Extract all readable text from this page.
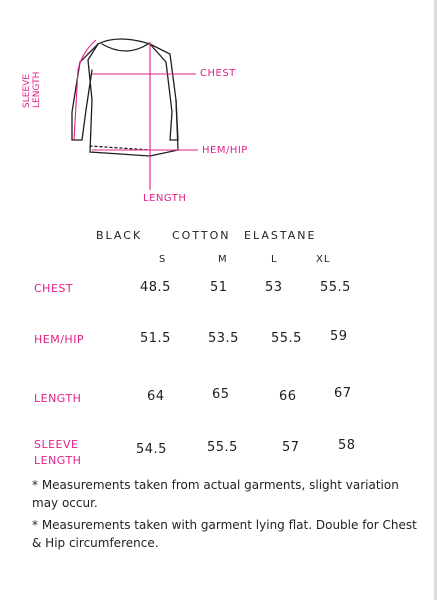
CHEST
HEM/HIP
LENGTH
SLEEVE
LENGTH
BLACK	COTTON ELASTANE
S	M	L	XL
CHEST	48.5	51	53	55.5
HEM/HIP	51.5	53.5 55.5 59
LENGTH	64	65	66	67
SLEEVE
LENGTH
54.5	55.5	57	58
* Measurements taken from actual garments, slight variation may occur.
* Measurements taken with garment lying flat. Double for Chest & Hip circumference.
